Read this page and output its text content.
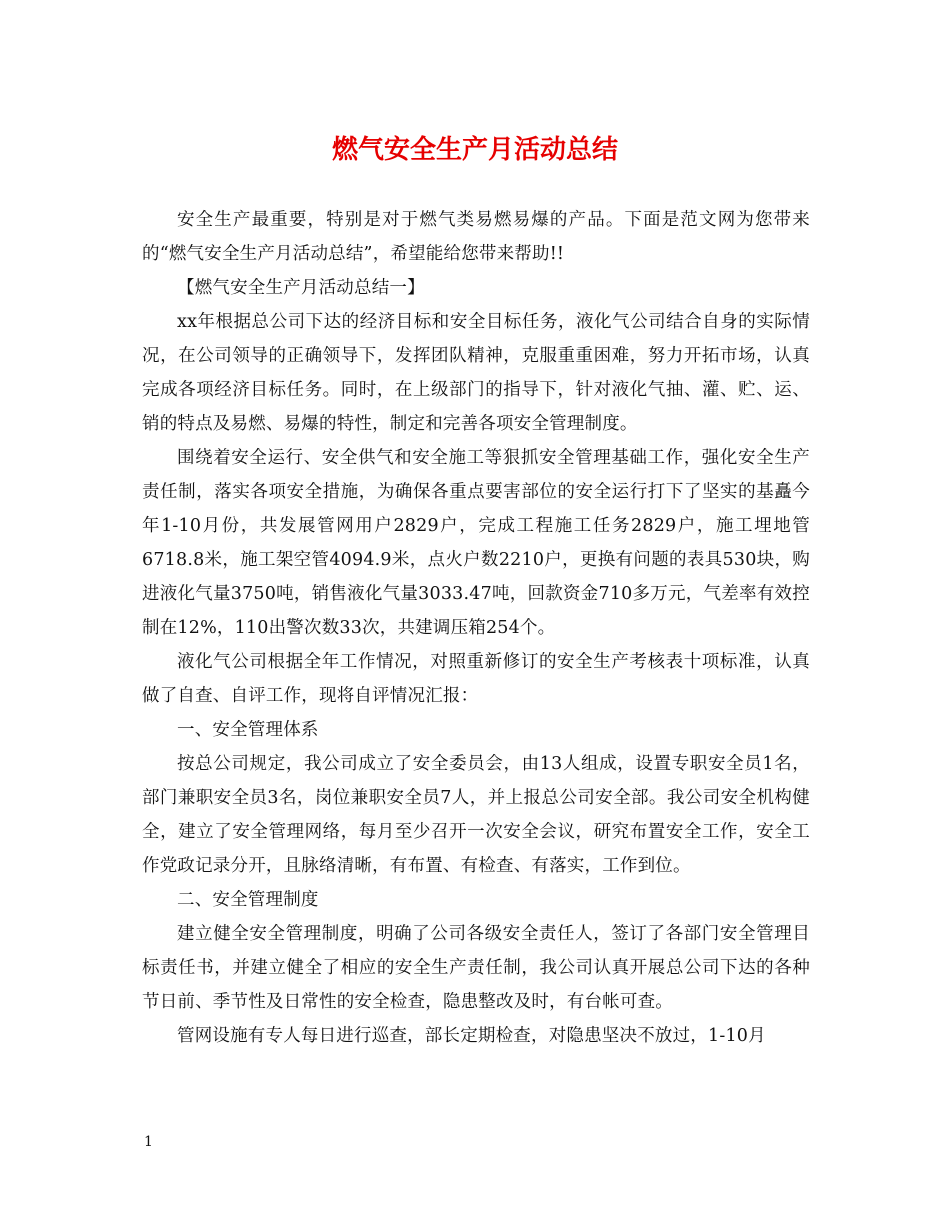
燃气安全生产月活动总结

安全生产最重要，特别是对于燃气类易燃易爆的产品。下面是范文网为您带来的“燃气安全生产月活动总结”，希望能给您带来帮助!!

【燃气安全生产月活动总结一】

xx年根据总公司下达的经济目标和安全目标任务，液化气公司结合自身的实际情况，在公司领导的正确领导下，发挥团队精神，克服重重困难，努力开拓市场，认真完成各项经济目标任务。同时，在上级部门的指导下，针对液化气抽、灌、贮、运、销的特点及易燃、易爆的特性，制定和完善各项安全管理制度。

围绕着安全运行、安全供气和安全施工等狠抓安全管理基础工作，强化安全生产责任制，落实各项安全措施，为确保各重点要害部位的安全运行打下了坚实的基矗今年1-10月份，共发展管网用户2829户，完成工程施工任务2829户，施工埋地管6718.8米，施工架空管4094.9米，点火户数2210户，更换有问题的表具530块，购进液化气量3750吨，销售液化气量3033.47吨，回款资金710多万元，气差率有效控制在12%，110出警次数33次，共建调压箱254个。

液化气公司根据全年工作情况，对照重新修订的安全生产考核表十项标准，认真做了自查、自评工作，现将自评情况汇报：

一、安全管理体系

按总公司规定，我公司成立了安全委员会，由13人组成，设置专职安全员1名，部门兼职安全员3名，岗位兼职安全员7人，并上报总公司安全部。我公司安全机构健全，建立了安全管理网络，每月至少召开一次安全会议，研究布置安全工作，安全工作党政记录分开，且脉络清晰，有布置、有检查、有落实，工作到位。

二、安全管理制度

建立健全安全管理制度，明确了公司各级安全责任人，签订了各部门安全管理目标责任书，并建立健全了相应的安全生产责任制，我公司认真开展总公司下达的各种节日前、季节性及日常性的安全检查，隐患整改及时，有台帐可查。

管网设施有专人每日进行巡查，部长定期检查，对隐患坚决不放过，1-10月

1
